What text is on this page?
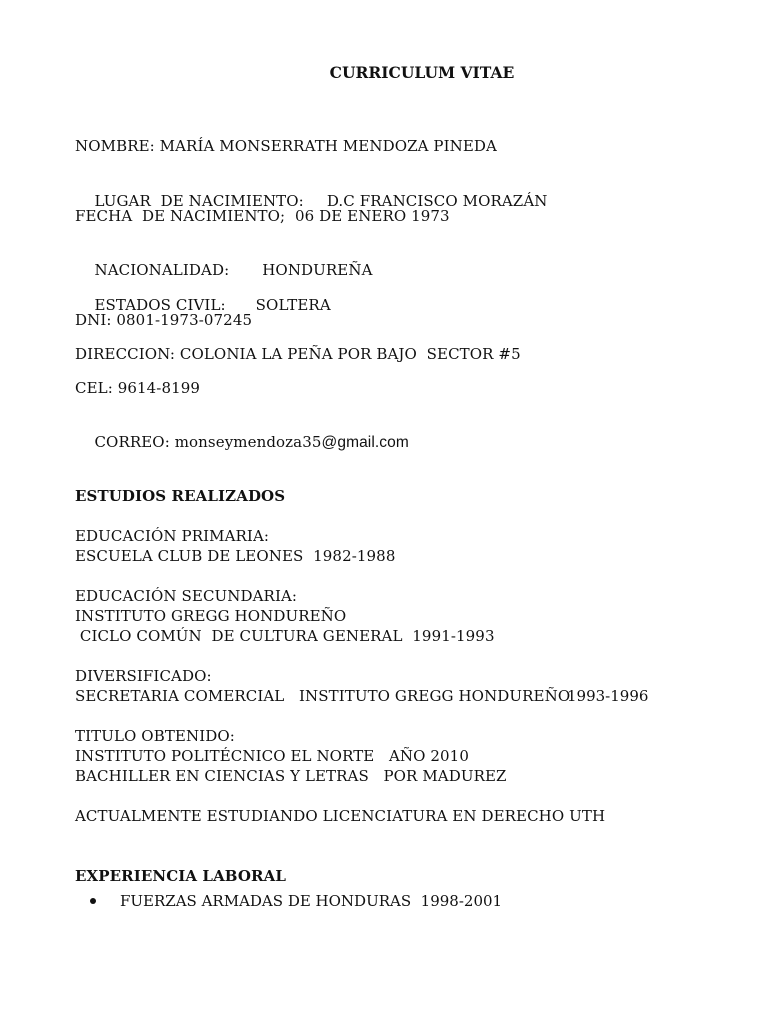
CURRICULUM VITAE
NOMBRE: MARÍA MONSERRATH MENDOZA PINEDA

LUGAR  DE NACIMIENTO: D.C FRANCISCO MORAZÁN

FECHA  DE NACIMIENTO;  06 DE ENERO 1973

NACIONALIDAD: HONDUREÑA

ESTADOS CIVIL: SOLTERA

DNI: 0801-1973-07245
DIRECCION: COLONIA LA PEÑA POR BAJO  SECTOR #5
CEL: 9614-8199

CORREO: monseymendoza35@gmail.com

ESTUDIOS REALIZADOS
EDUCACIÓN PRIMARIA:
ESCUELA CLUB DE LEONES  1982-1988
EDUCACIÓN SECUNDARIA:
INSTITUTO GREGG HONDUREÑO
CICLO COMÚN  DE CULTURA GENERAL  1991-1993
DIVERSIFICADO:
SECRETARIA COMERCIAL   INSTITUTO GREGG HONDUREÑO
1993-1996
TITULO OBTENIDO:
INSTITUTO POLITÉCNICO EL NORTE   AÑO 2010
BACHILLER EN CIENCIAS Y LETRAS   POR MADUREZ
ACTUALMENTE ESTUDIANDO LICENCIATURA EN DERECHO UTH
EXPERIENCIA LABORAL

FUERZAS ARMADAS DE HONDURAS  1998-2001
